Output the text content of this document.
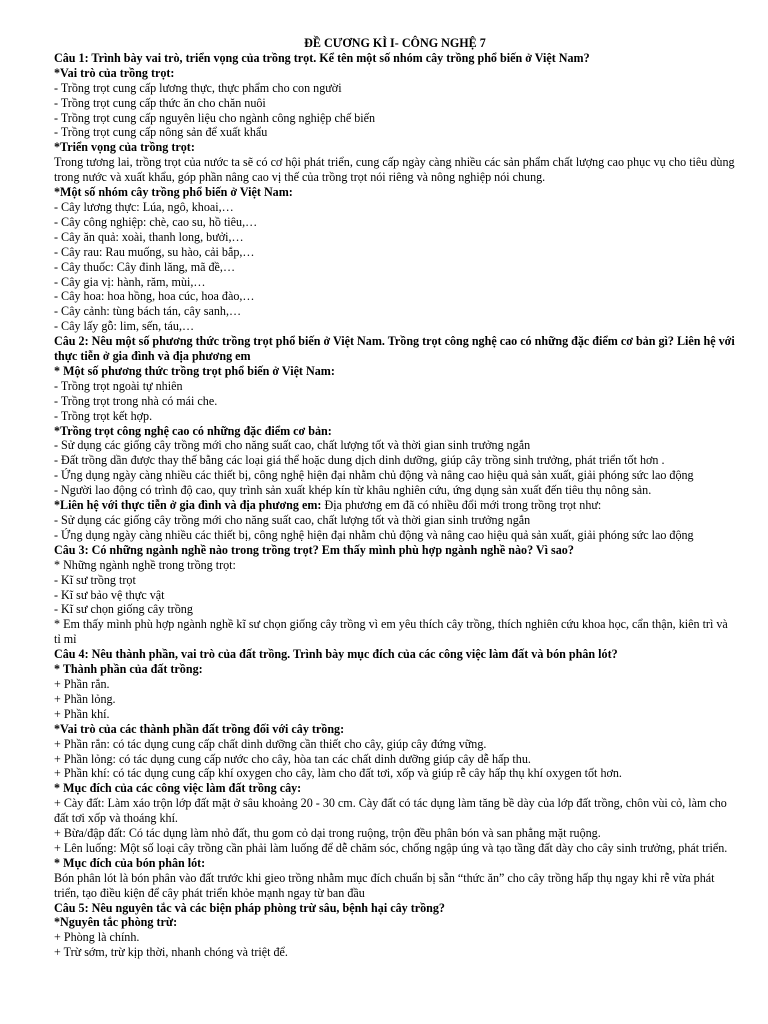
ĐỀ CƯƠNG KÌ I- CÔNG NGHỆ 7

Câu 1: Trình bày vai trò, triển vọng của trồng trọt. Kể tên một số nhóm cây trồng phổ biến ở Việt Nam?

*Vai trò của trồng trọt:

- Trồng trọt cung cấp lương thực, thực phẩm cho con người

- Trồng trọt cung cấp thức ăn cho chăn nuôi

- Trồng trọt cung cấp nguyên liệu cho ngành công nghiệp chế biến

- Trồng trọt cung cấp nông sản để xuất khẩu

*Triển vọng của trồng trọt:

Trong tương lai, trồng trọt của nước ta sẽ có cơ hội phát triển, cung cấp ngày càng nhiều các sản phẩm chất lượng cao phục vụ cho tiêu dùng trong nước và xuất khẩu, góp phần nâng cao vị thế của trồng trọt nói riêng và nông nghiệp nói chung.

*Một số nhóm cây trồng phổ biến ở Việt Nam:

- Cây lương thực: Lúa, ngô, khoai,…

- Cây công nghiệp: chè, cao su, hồ tiêu,…

- Cây ăn quả: xoài, thanh long, bưởi,…

- Cây rau: Rau muống, su hào, cải bắp,…

- Cây thuốc: Cây đinh lăng, mã đề,…

- Cây gia vị: hành, răm, mùi,…

- Cây hoa: hoa hồng, hoa cúc, hoa đào,…

- Cây cảnh: tùng bách tán, cây sanh,…

- Cây lấy gỗ: lim, sến, táu,…

Câu 2: Nêu một số phương thức trồng trọt phổ biến ở Việt Nam. Trồng trọt công nghệ cao có những đặc điểm cơ bản gì? Liên hệ với thực tiễn ở gia đình và địa phương em

* Một số phương thức trồng trọt phổ biến ở Việt Nam:

- Trồng trọt ngoài tự nhiên

- Trồng trọt trong nhà có mái che.

- Trồng trọt kết hợp.

*Trồng trọt công nghệ cao có những đặc điểm cơ bản:

- Sử dụng các giống cây trồng mới cho năng suất cao, chất lượng tốt và thời gian sinh trưởng ngắn

- Đất trồng dần được thay thế bằng các loại giá thể hoặc dung dịch dinh dưỡng, giúp cây trồng sinh trưởng, phát triển tốt hơn .

- Ứng dụng ngày càng nhiều các thiết bị, công nghệ hiện đại nhằm chủ động và nâng cao hiệu quả sản xuất, giải phóng sức lao động

- Người lao động có trình độ cao, quy trình sản xuất khép kín từ khâu nghiên cứu, ứng dụng sản xuất đến tiêu thụ nông sản.

*Liên hệ với thực tiễn ở gia đình và địa phương em: Địa phương em đã có nhiều đổi mới trong trồng trọt như:

- Sử dụng các giống cây trồng mới cho năng suất cao, chất lượng tốt và thời gian sinh trưởng ngắn

- Ứng dụng ngày càng nhiều các thiết bị, công nghệ hiện đại nhằm chủ động và nâng cao hiệu quả sản xuất, giải phóng sức lao động

Câu 3: Có những ngành nghề nào trong trồng trọt? Em thấy mình phù hợp ngành nghề nào? Vì sao?

* Những ngành nghề trong trồng trọt:

- Kĩ sư trồng trọt

- Kĩ sư bảo vệ thực vật

- Kĩ sư chọn giống cây trồng

* Em thấy mình phù hợp ngành nghề kĩ sư chọn giống cây trồng vì em yêu thích cây trồng, thích nghiên cứu khoa học, cẩn thận, kiên trì và tỉ mỉ

Câu 4: Nêu thành phần, vai trò của đất trồng. Trình bày mục đích của các công việc làm đất và bón phân lót?

* Thành phần của đất trồng:

+ Phần rắn.

+ Phần lỏng.

+ Phần khí.

*Vai trò của các thành phần đất trồng đối với cây trồng:

+ Phần rắn: có tác dụng cung cấp chất dinh dưỡng cần thiết cho cây, giúp cây đứng vững.

+ Phần lỏng: có tác dụng cung cấp nước cho cây, hòa tan các chất dinh dưỡng giúp cây dễ hấp thu.

+ Phần khí: có tác dụng cung cấp khí oxygen cho cây, làm cho đất tơi, xốp và giúp rễ cây hấp thụ khí oxygen tốt hơn.

* Mục đích của các công việc làm đất trồng cây:

+ Cày đất: Làm xáo trộn lớp đất mặt ở sâu khoảng 20 - 30 cm. Cày đất có tác dụng làm tăng bề dày của lớp đất trồng, chôn vùi cỏ, làm cho đất tơi xốp và thoáng khí.

+ Bừa/đập đất: Có tác dụng làm nhỏ đất, thu gom cỏ dại trong ruộng, trộn đều phân bón và san phẳng mặt ruộng.

+ Lên luống: Một số loại cây trồng cần phải làm luống để dễ chăm sóc, chống ngập úng và tạo tầng đất dày cho cây sinh trưởng, phát triển.

* Mục đích của bón phân lót:

Bón phân lót là bón phân vào đất trước khi gieo trồng nhằm mục đích chuẩn bị sẵn “thức ăn” cho cây trồng hấp thụ ngay khi rễ vừa phát triển, tạo điều kiện để cây phát triển khỏe mạnh ngay từ ban đầu

Câu 5: Nêu nguyên tắc và các biện pháp phòng trừ sâu, bệnh hại cây trồng?

*Nguyên tắc phòng trừ:

+ Phòng là chính.

+ Trừ sớm, trừ kịp thời, nhanh chóng và triệt để.
